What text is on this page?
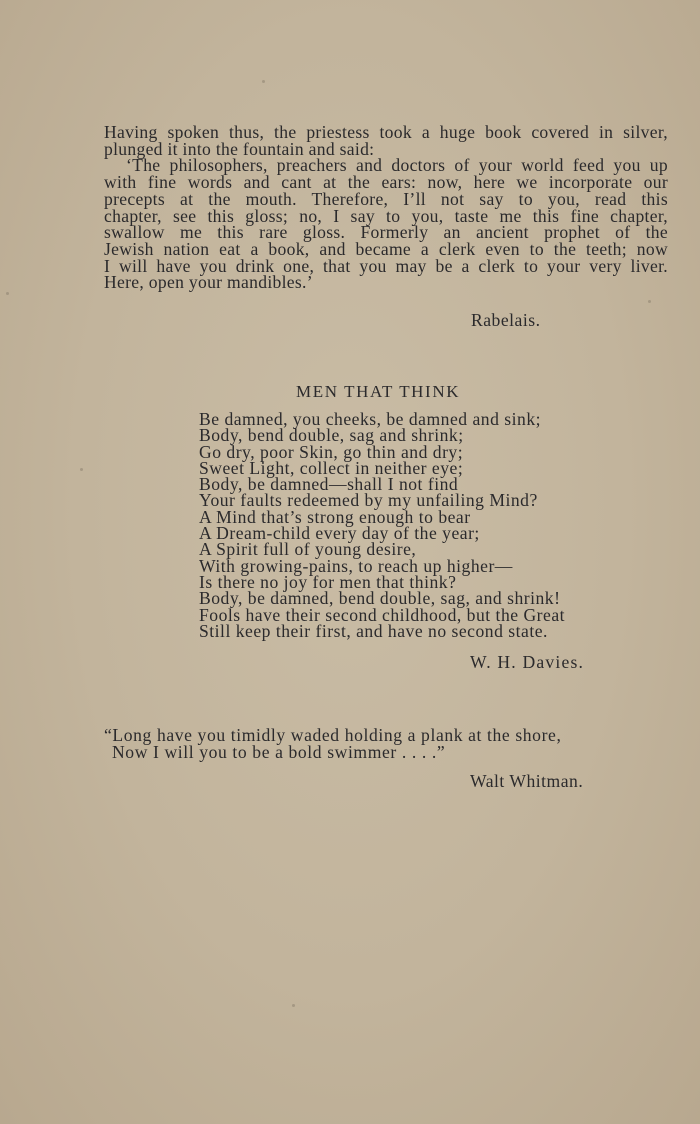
Having spoken thus, the priestess took a huge book covered in silver,
plunged it into the fountain and said:
‘The philosophers, preachers and doctors of your world feed you up
with fine words and cant at the ears: now, here we incorporate our
precepts at the mouth. Therefore, I’ll not say to you, read this
chapter, see this gloss; no, I say to you, taste me this fine chapter,
swallow me this rare gloss. Formerly an ancient prophet of the
Jewish nation eat a book, and became a clerk even to the teeth; now
I will have you drink one, that you may be a clerk to your very liver.
Here, open your mandibles.’
Rabelais.
MEN THAT THINK
Be damned, you cheeks, be damned and sink;
Body, bend double, sag and shrink;
Go dry, poor Skin, go thin and dry;
Sweet Light, collect in neither eye;
Body, be damned—shall I not find
Your faults redeemed by my unfailing Mind?
A Mind that’s strong enough to bear
A Dream-child every day of the year;
A Spirit full of young desire,
With growing-pains, to reach up higher—
Is there no joy for men that think?
Body, be damned, bend double, sag, and shrink!
Fools have their second childhood, but the Great
Still keep their first, and have no second state.
W. H. Davies.
“Long have you timidly waded holding a plank at the shore,
Now I will you to be a bold swimmer . . . .”
Walt Whitman.
